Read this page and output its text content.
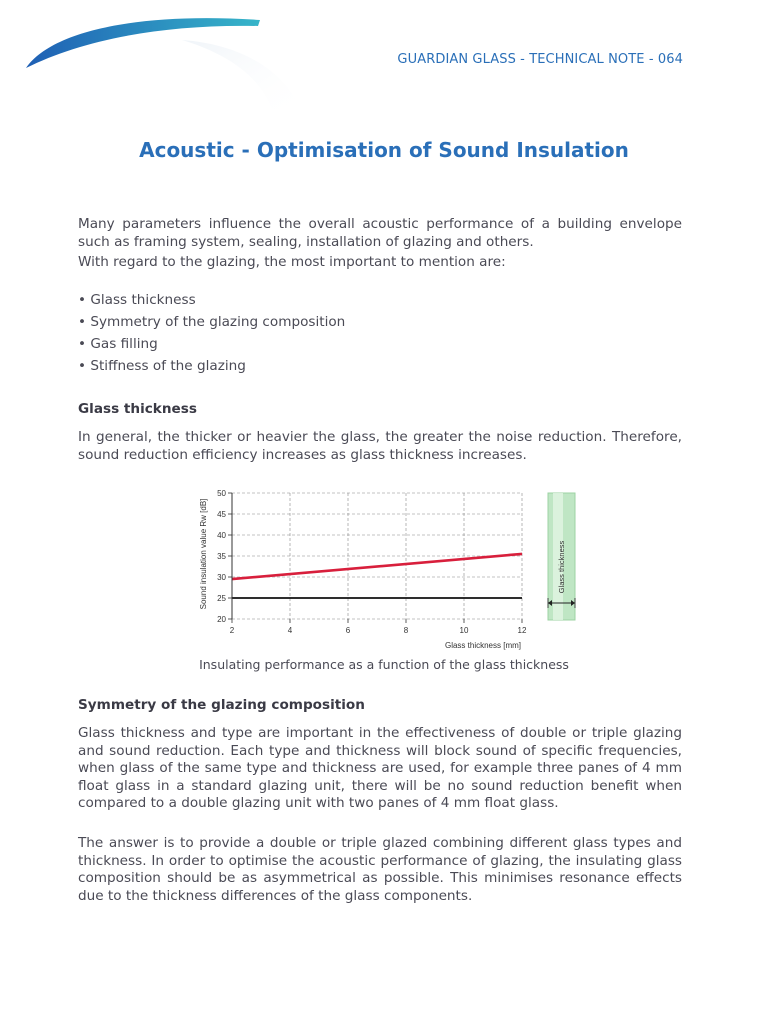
GUARDIAN GLASS - TECHNICAL NOTE - 064
Acoustic - Optimisation of Sound Insulation

Many parameters influence the overall acoustic performance of a building envelope such as framing system, sealing, installation of glazing and others.

With regard to the glazing, the most important to mention are:

• Glass thickness
• Symmetry of the glazing composition
• Gas filling
• Stiffness of the glazing
Glass thickness

In general, the thicker or heavier the glass, the greater the noise reduction. Therefore, sound reduction efficiency increases as glass thickness increases.

20
25
30
35
40
45
50
2	4	6	8	10	12
Glass thickness [mm]
Sound insulation value Rw [dB]	Glass thickness
Insulating performance as a function of the glass thickness
Symmetry of the glazing composition

Glass thickness and type are important in the effectiveness of double or triple glazing and sound reduction. Each type and thickness will block sound of specific frequencies, when glass of the same type and thickness are used, for example three panes of 4 mm float glass in a standard glazing unit, there will be no sound reduction benefit when compared to a double glazing unit with two panes of 4 mm float glass.

The answer is to provide a double or triple glazed combining different glass types and thickness. In order to optimise the acoustic performance of glazing, the insulating glass composition should be as asymmetrical as possible. This minimises resonance effects due to the thickness differences of the glass components.
